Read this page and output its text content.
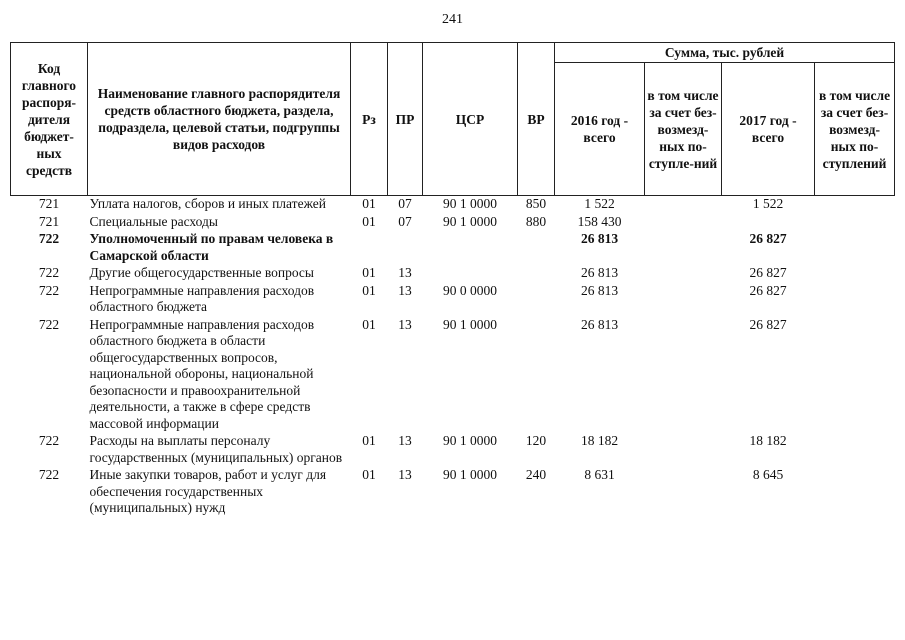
241
Код главного распоря-дителя бюджет-ных средств	Наименование главного распорядителя средств областного бюджета, раздела, подраздела, целевой статьи, подгруппы видов расходов	Рз	ПР	ЦСР	ВР	Сумма, тыс. рублей			
						2016 год - всего	в том числе за счет без-возмезд-ных по-ступле-ний	2017 год - всего	в том числе за счет без-возмезд-ных по-ступлений
721	Уплата налогов, сборов и иных платежей	01	07	90 1 0000	850	1 522		1 522	
721	Специальные расходы	01	07	90 1 0000	880	158 430			
722	Уполномоченный по правам человека в Самарской области					26 813		26 827	
722	Другие общегосударственные вопросы	01	13			26 813		26 827	
722	Непрограммные направления расходов областного бюджета	01	13	90 0 0000		26 813		26 827	
722	Непрограммные направления расходов областного бюджета в области общегосударственных вопросов, национальной обороны, национальной безопасности и правоохранительной деятельности, а также в сфере средств массовой информации	01	13	90 1 0000		26 813		26 827	
722	Расходы на выплаты персоналу государственных (муниципальных) органов	01	13	90 1 0000	120	18 182		18 182	
722	Иные закупки товаров, работ и услуг для обеспечения государственных (муниципальных) нужд	01	13	90 1 0000	240	8 631		8 645	
